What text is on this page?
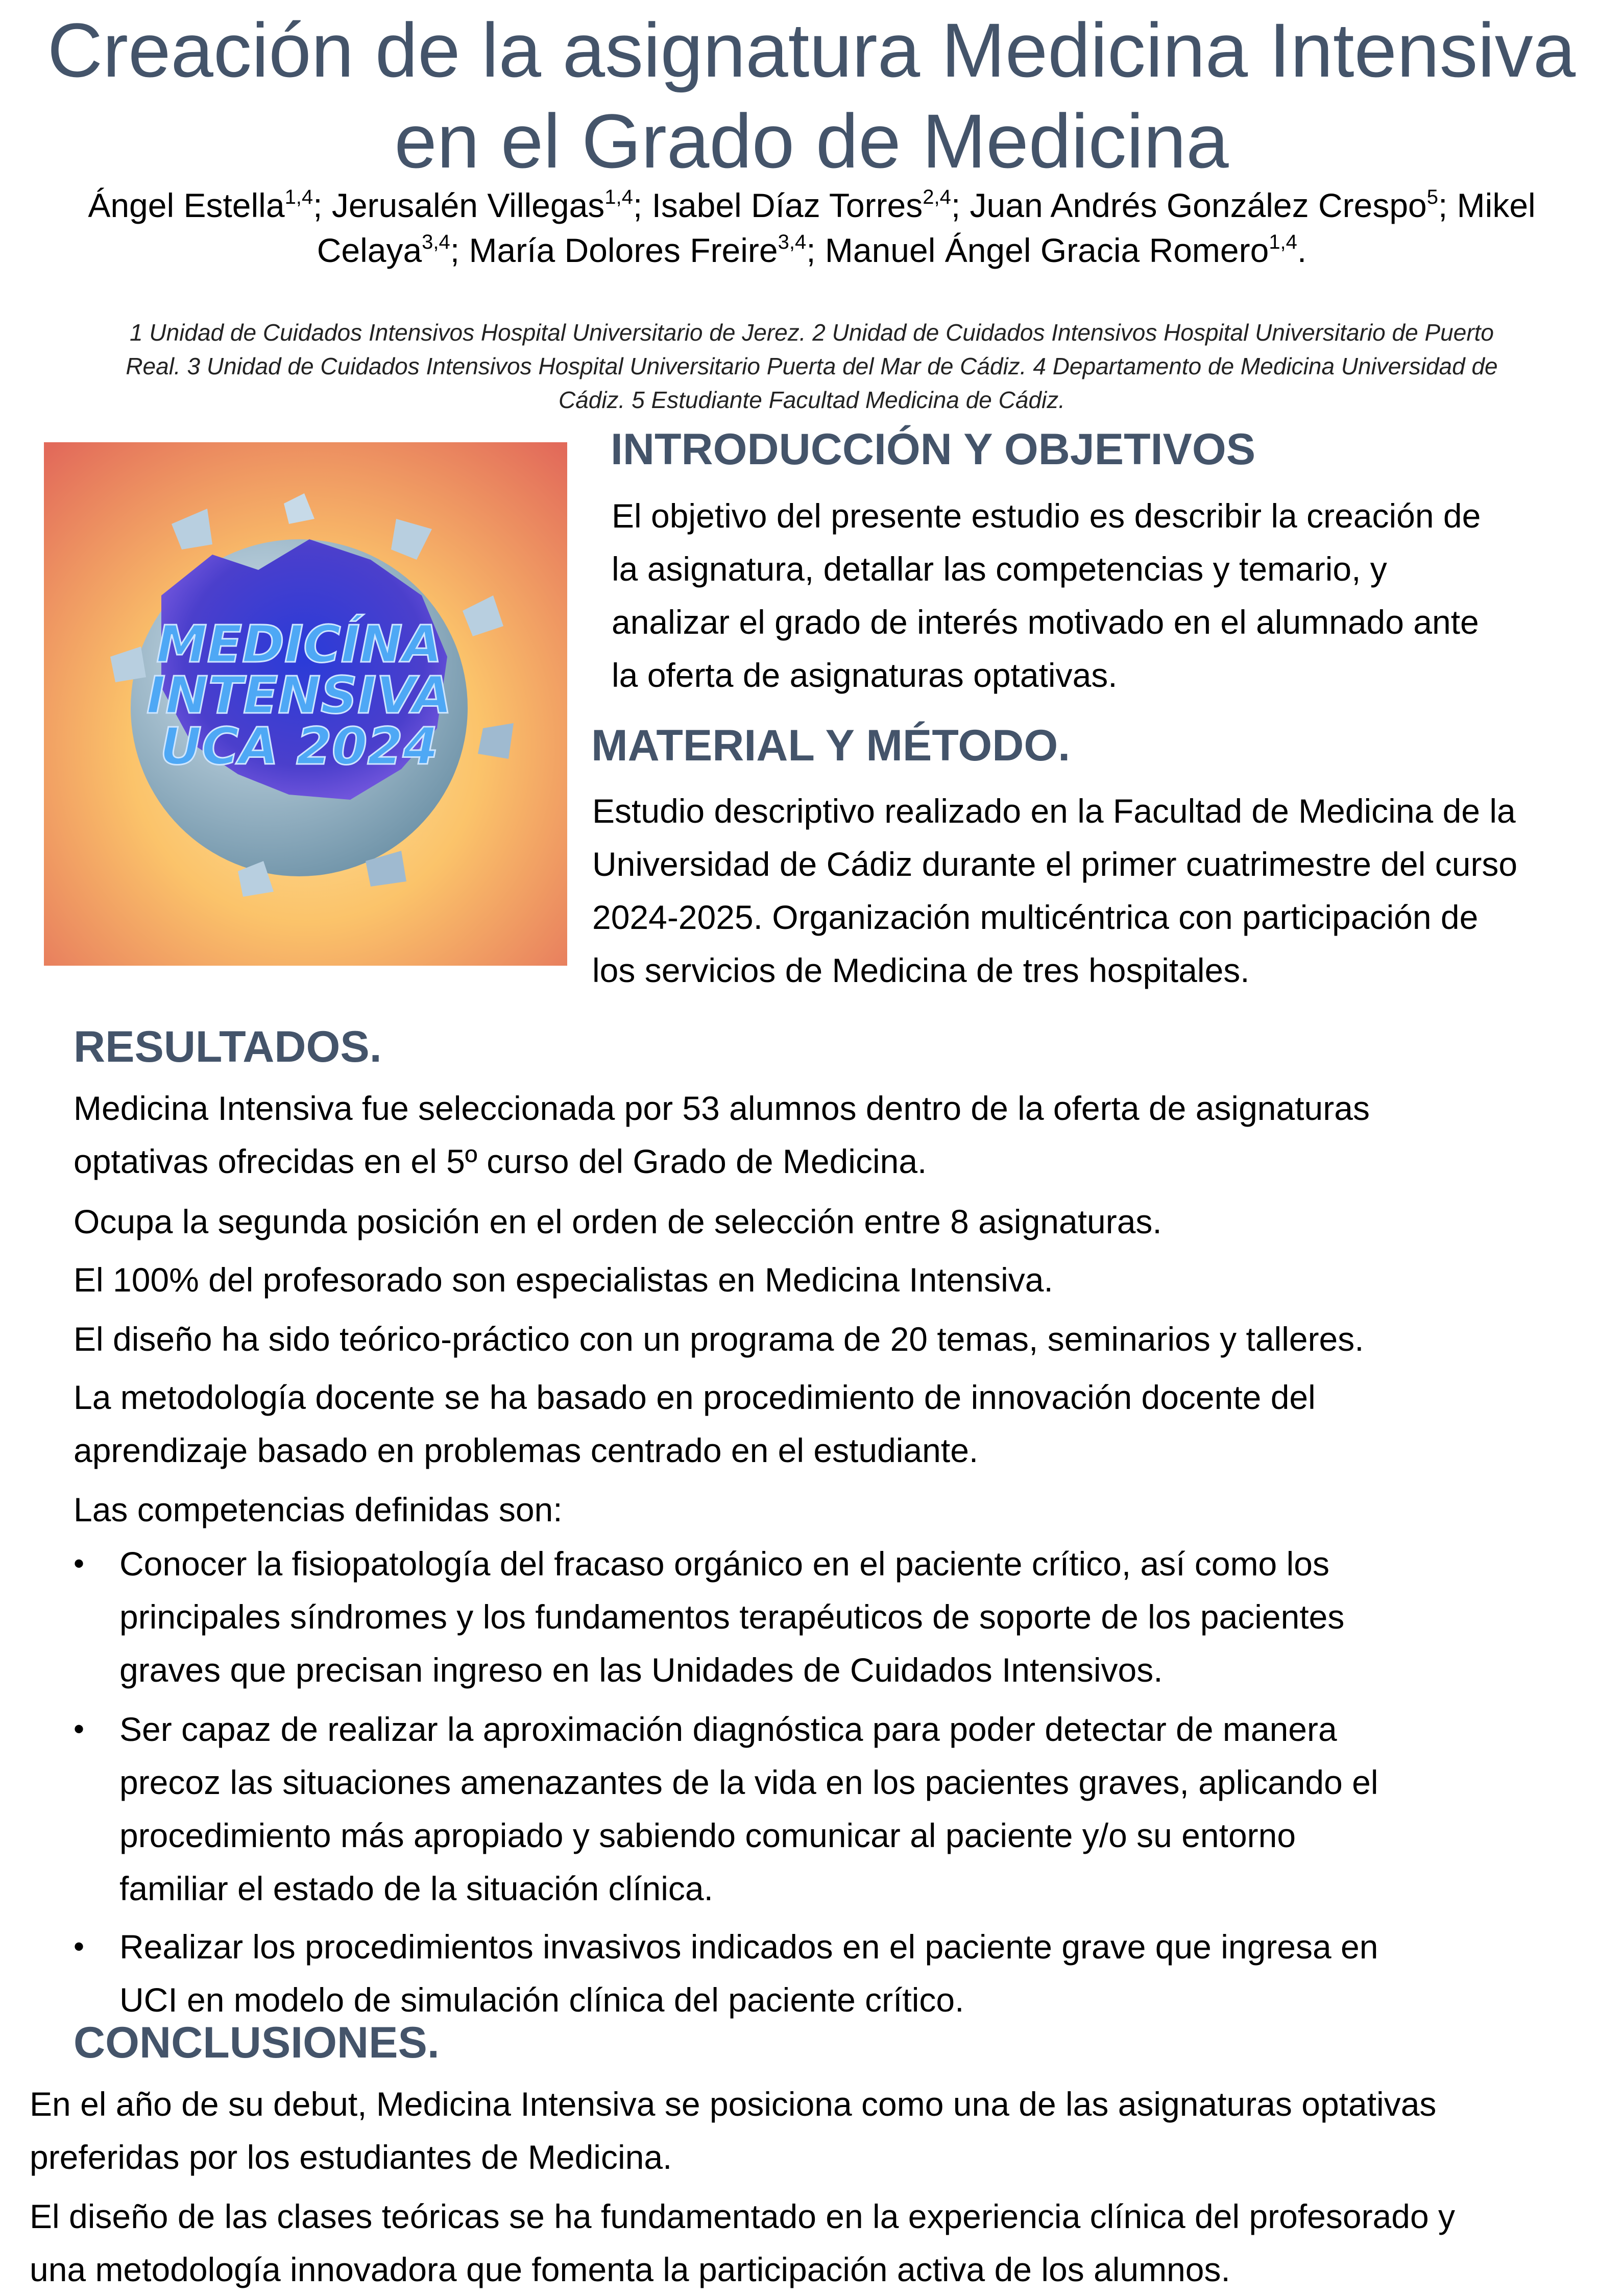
Creación de la asignatura Medicina Intensiva
en el Grado de Medicina
Ángel Estella$^{1,4}$; Jerusalén Villegas$^{1,4}$; Isabel Díaz Torres$^{2,4}$; Juan Andrés González Crespo$^5$; Mikel
Celaya$^{3,4}$; María Dolores Freire$^{3,4}$; Manuel Ángel Gracia Romero$^{1,4}$.
1 Unidad de Cuidados Intensivos Hospital Universitario de Jerez. 2 Unidad de Cuidados Intensivos Hospital Universitario de Puerto
Real. 3 Unidad de Cuidados Intensivos Hospital Universitario Puerta del Mar de Cádiz. 4 Departamento de Medicina Universidad de
Cádiz. 5 Estudiante Facultad Medicina de Cádiz.
MEDICÍNA
INTENSIVA
UCA 2024
INTRODUCCIÓN Y OBJETIVOS
El objetivo del presente estudio es describir la creación de
la asignatura, detallar las competencias y temario, y
analizar el grado de interés motivado en el alumnado ante
la oferta de asignaturas optativas.
MATERIAL Y MÉTODO.
Estudio descriptivo realizado en la Facultad de Medicina de la
Universidad de Cádiz durante el primer cuatrimestre del curso
2024-2025. Organización multicéntrica con participación de
los servicios de Medicina de tres hospitales.
RESULTADOS.
Medicina Intensiva fue seleccionada por 53 alumnos dentro de la oferta de asignaturas
optativas ofrecidas en el 5º curso del Grado de Medicina.
Ocupa la segunda posición en el orden de selección entre 8 asignaturas.
El 100% del profesorado son especialistas en Medicina Intensiva.
El diseño ha sido teórico-práctico con un programa de 20 temas, seminarios y talleres.
La metodología docente se ha basado en procedimiento de innovación docente del
aprendizaje basado en problemas centrado en el estudiante.
Las competencias definidas son:
• Conocer la fisiopatología del fracaso orgánico en el paciente crítico, así como los
principales síndromes y los fundamentos terapéuticos de soporte de los pacientes
graves que precisan ingreso en las Unidades de Cuidados Intensivos.
• Ser capaz de realizar la aproximación diagnóstica para poder detectar de manera
precoz las situaciones amenazantes de la vida en los pacientes graves, aplicando el
procedimiento más apropiado y sabiendo comunicar al paciente y/o su entorno
familiar el estado de la situación clínica.
• Realizar los procedimientos invasivos indicados en el paciente grave que ingresa en
UCI en modelo de simulación clínica del paciente crítico.
CONCLUSIONES.
En el año de su debut, Medicina Intensiva se posiciona como una de las asignaturas optativas
preferidas por los estudiantes de Medicina.
El diseño de las clases teóricas se ha fundamentado en la experiencia clínica del profesorado y
una metodología innovadora que fomenta la participación activa de los alumnos.
